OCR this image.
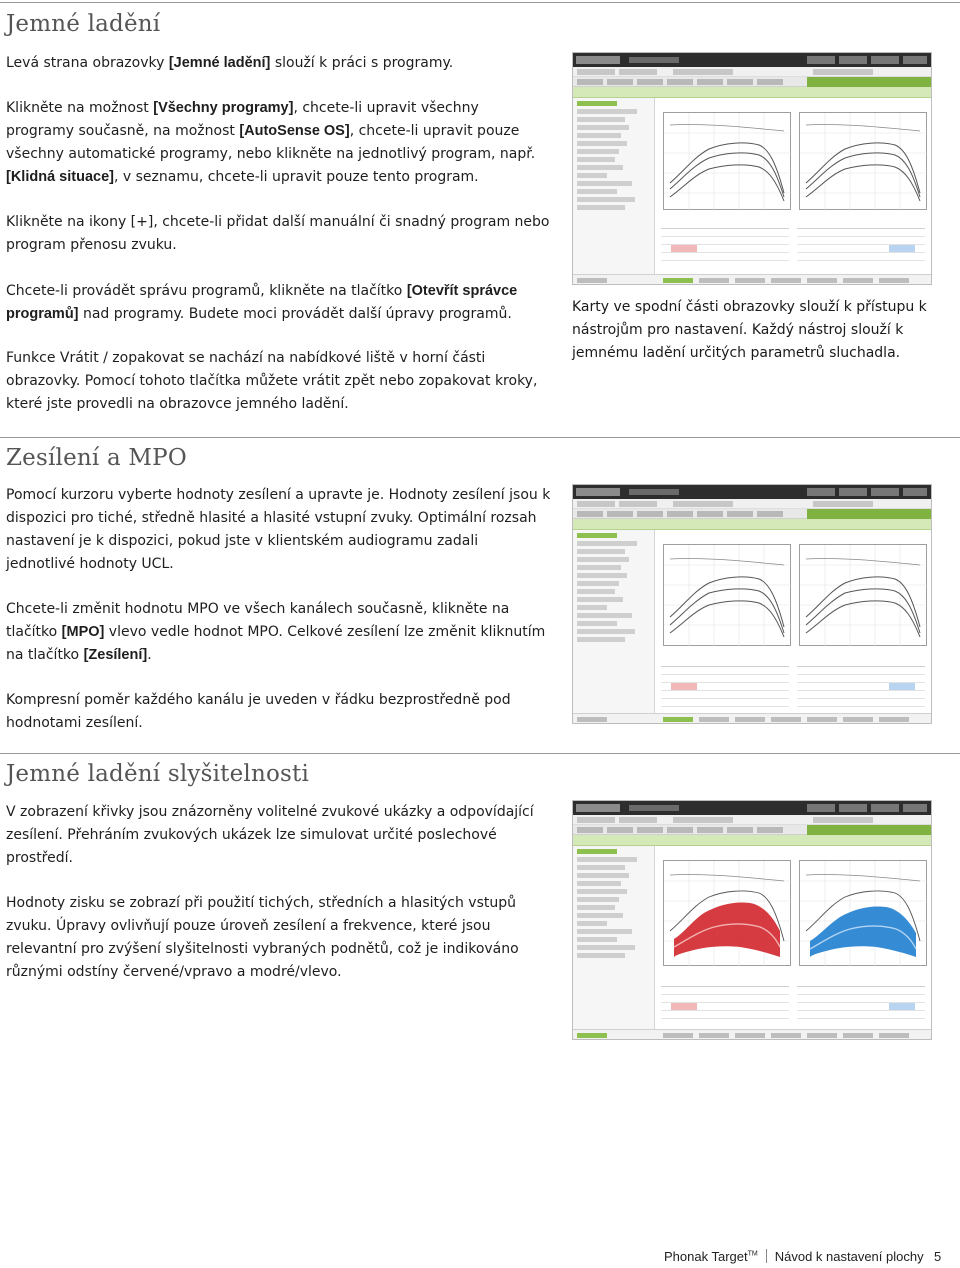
Jemné ladění
Levá strana obrazovky [Jemné ladění] slouží k práci s programy.
Klikněte na možnost [Všechny programy], chcete-li upravit všechny programy současně, na možnost [AutoSense OS], chcete-li upravit pouze všechny automatické programy, nebo klikněte na jednotlivý program, např. [Klidná situace], v seznamu, chcete-li upravit pouze tento program.
Klikněte na ikony [+], chcete-li přidat další manuální či snadný program nebo program přenosu zvuku.
Chcete-li provádět správu programů, klikněte na tlačítko [Otevřít správce programů] nad programy. Budete moci provádět další úpravy programů.
Funkce Vrátit / zopakovat se nachází na nabídkové liště v horní části obrazovky. Pomocí tohoto tlačítka můžete vrátit zpět nebo zopakovat kroky, které jste provedli na obrazovce jemného ladění.
Karty ve spodní části obrazovky slouží k přístupu k nástrojům pro nastavení. Každý nástroj slouží k jemnému ladění určitých parametrů sluchadla.
Zesílení a MPO
Pomocí kurzoru vyberte hodnoty zesílení a upravte je. Hodnoty zesílení jsou k dispozici pro tiché, středně hlasité a hlasité vstupní zvuky. Optimální rozsah nastavení je k dispozici, pokud jste v klientském audiogramu zadali jednotlivé hodnoty UCL.
Chcete-li změnit hodnotu MPO ve všech kanálech současně, klikněte na tlačítko [MPO] vlevo vedle hodnot MPO. Celkové zesílení lze změnit kliknutím na tlačítko [Zesílení].
Kompresní poměr každého kanálu je uveden v řádku bezprostředně pod hodnotami zesílení.
Jemné ladění slyšitelnosti
V zobrazení křivky jsou znázorněny volitelné zvukové ukázky a odpovídající zesílení. Přehráním zvukových ukázek lze simulovat určité poslechové prostředí.
Hodnoty zisku se zobrazí při použití tichých, středních a hlasitých vstupů zvuku. Úpravy ovlivňují pouze úroveň zesílení a frekvence, které jsou relevantní pro zvýšení slyšitelnosti vybraných podnětů, což je indikováno různými odstíny červené/vpravo a modré/vlevo.
Phonak Target™ Návod k nastavení plochy 5
